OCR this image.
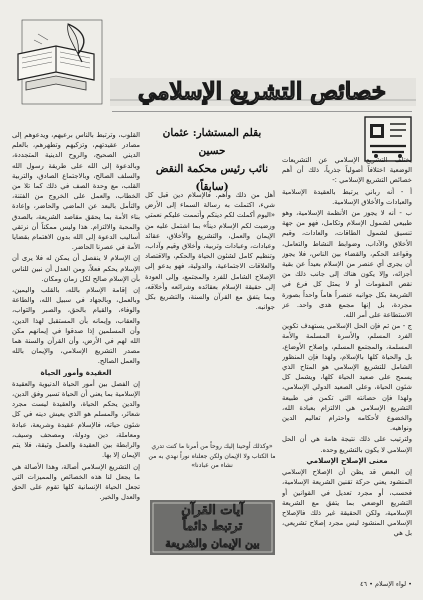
خصائص التشريع الإسلامي
بقلم المستشار: عثمان حسين
نائب رئيس محكمة النقض (سابقاً)

يختلف التشريع الإسلامي عن التشريعات الوضعية اختلافاً أصولياً جذرياً، ذلك أن أهم خصائص التشريع الإسلامي :-

أ - أنه رباني يرتبط بالعقيدة الإسلامية والعبادات والأخلاق الإسلامية.

ب - أنه لا يجوز من الأنظمة الإسلامية، وهو طبيعي لشمول الإسلام وتكامل، فهو من جهة تنسيق لشمول الطاقات، والعادات، وقيم الأخلاق والآداب، وضوابط النشاط والتعامل، وقواعد الحكم، والقضاء بين الناس، فلا يجوز أن يجرى أي عنصر من الإسلام بعيداً عن بقية أجزائه، وإلا يكون هناك إلى جانب ذلك من نقص المقومات أو لا يمثل كل فرع في الشريعة بكل جوانبه عنصراً هاماً واحداً بصورة مجردة، بل إنها مجمع هدى واحد. عز الاستطاعة على أمر الله.

ج - من ثم فإن الحل الإسلامي يستهدف تكوين الفرد المسلم، والأسرة المسلمة والأمة المسلمة، والمجتمع المسلم، وإصلاح الأوضاع، بل والحياة كلها بالإسلام، ولهذا فإن المنظور الشامل للتشريع الإسلامي هو المتاح الذي يسمح على صعيد الحياة كلها، ويشمل كل شئون الحياة، وعلى الصعيد الدولي الإسلامي، ولهذا فإن حصانته التي تكمن في طبيعة التشريع الإسلامي هي الالتزام بعبادة الله، والخضوع لأحكامه واحترام تعاليم الدين ونواهيه.

ولترتيب على ذلك نتيجة هامة هي أن الحل الإسلامي لا يكون بالتشريع وحده.

معنى الإصلاح الإسلامي

إن البعض قد يظن أن الإصلاح الإسلامي المنشود يعني حركة تقنين الشريعة الإسلامية، فحسب، أو مجرد تعديل في القوانين أو التشريع الوضعي بما يتفق مع الشريعة الإسلامية، ولكن الحقيقة غير ذلك فالإصلاح الإسلامي المنشود ليس مجرد إصلاح تشريعي، بل هي

أهل من ذلك وأهم. فالإسلام دين قبل كل شيء، اكتملت به رسالة السماء إلى الأرض «اليوم أكملت لكم دينكم وأتممت عليكم نعمتي ورضيت لكم الإسلام ديناً» بما اشتمل عليه من الإيمان والعمل، والتشريع والأخلاق، عقائد وعبادات، وعبادات وتربية، وأخلاق وقيم وآداب، وتنظيم كامل لشئون الحياة والحكم، والاقتصاد والعلاقات الاجتماعية، والدولية، فهو يدعو إلى الإصلاح الشامل للفرد والمجتمع، وإلى العودة إلى حقيقة الإسلام بعقائده وشرائعه وأخلاقه، وبما يتفق مع القرآن والسنة، والتشريع بكل جوانبه.

«وكذلك أوحينا إليك روحاً من أمرنا ما كنت تدري ما الكتاب ولا الإيمان ولكن جعلناه نوراً نهدي به من نشاء من عبادنا»
آيات القرآن
ترتبط دائماً
بين الإيمان والشريعة

القلوب، وترتبط بالناس برعيهم، ويدعوهم إلى مصادر عقيدتهم، وتزكيهم وتطهرهم، بالعلم الديني الصحيح، والروح الدينية المتجددة، وبالدعوة إلى الله على طريقة رسول الله والسلف الصالح، وبالاجتماع الصادق، والتربية القلب، مع وحدة الصف في ذلك كما تلا من الخطاب، والعمل على الخروج من الفتنة، والتأمل بالبعد عن الماضي والحاضر، وإعادة بناء الأمة بما يحقق مقاصد الشريعة، بالصدق والمحبة والالتزام. هذا وليس ممكناً أن نرتقي أساليب الدعوة إلى الله بدون الاهتمام بقضايا الأمة في عصرنا الحاضر.

إن الإسلام لا ينفصل أن يمكن له فلا يرى أن الإسلام يحكم فعلاً، ومن العدل أن نبين للناس بأن الإسلام صالح لكل زمان ومكان.

إن إقامة الإسلام بالله، بالقلب واليمين، وبالعمل، وبالجهاد في سبيل الله، والطاعة والوفاء، والقيام بالحق، والصبر والثواب، والعقاب، وإيمانه بأن المستقبل لهذا الدين، وأن المسلمين إذا صدقوا في إيمانهم مكن الله لهم في الأرض، وأن القرآن والسنة هما مصدر التشريع الإسلامي، والإيمان بالله والعمل الصالح.

العقيدة وأمور الحياة

إن الفصل بين أمور الحياة الدنيوية والعقيدة الإسلامية بما يعني أن الحياة تسير وفق الدين، والدين يحكم الحياة، والعقيدة ليست مجرد شعائر، والمسلم هو الذي يعيش دينه في كل شئون حياته، فالإسلام عقيدة وشريعة، عبادة ومعاملة، دين ودولة، ومصحف وسيف، والرابطة بين العقيدة والعمل وثيقة، فلا يتم الإيمان إلا بها.

إن التشريع الإسلامي أصالة، وهذا الأصالة هي ما يجعل لنا هذه الخصائص والمميزات التي تجعل الحياة الإنسانية كلها تقوم على الحق والعدل والخير.

• لواء الإسلام • ٤٦
